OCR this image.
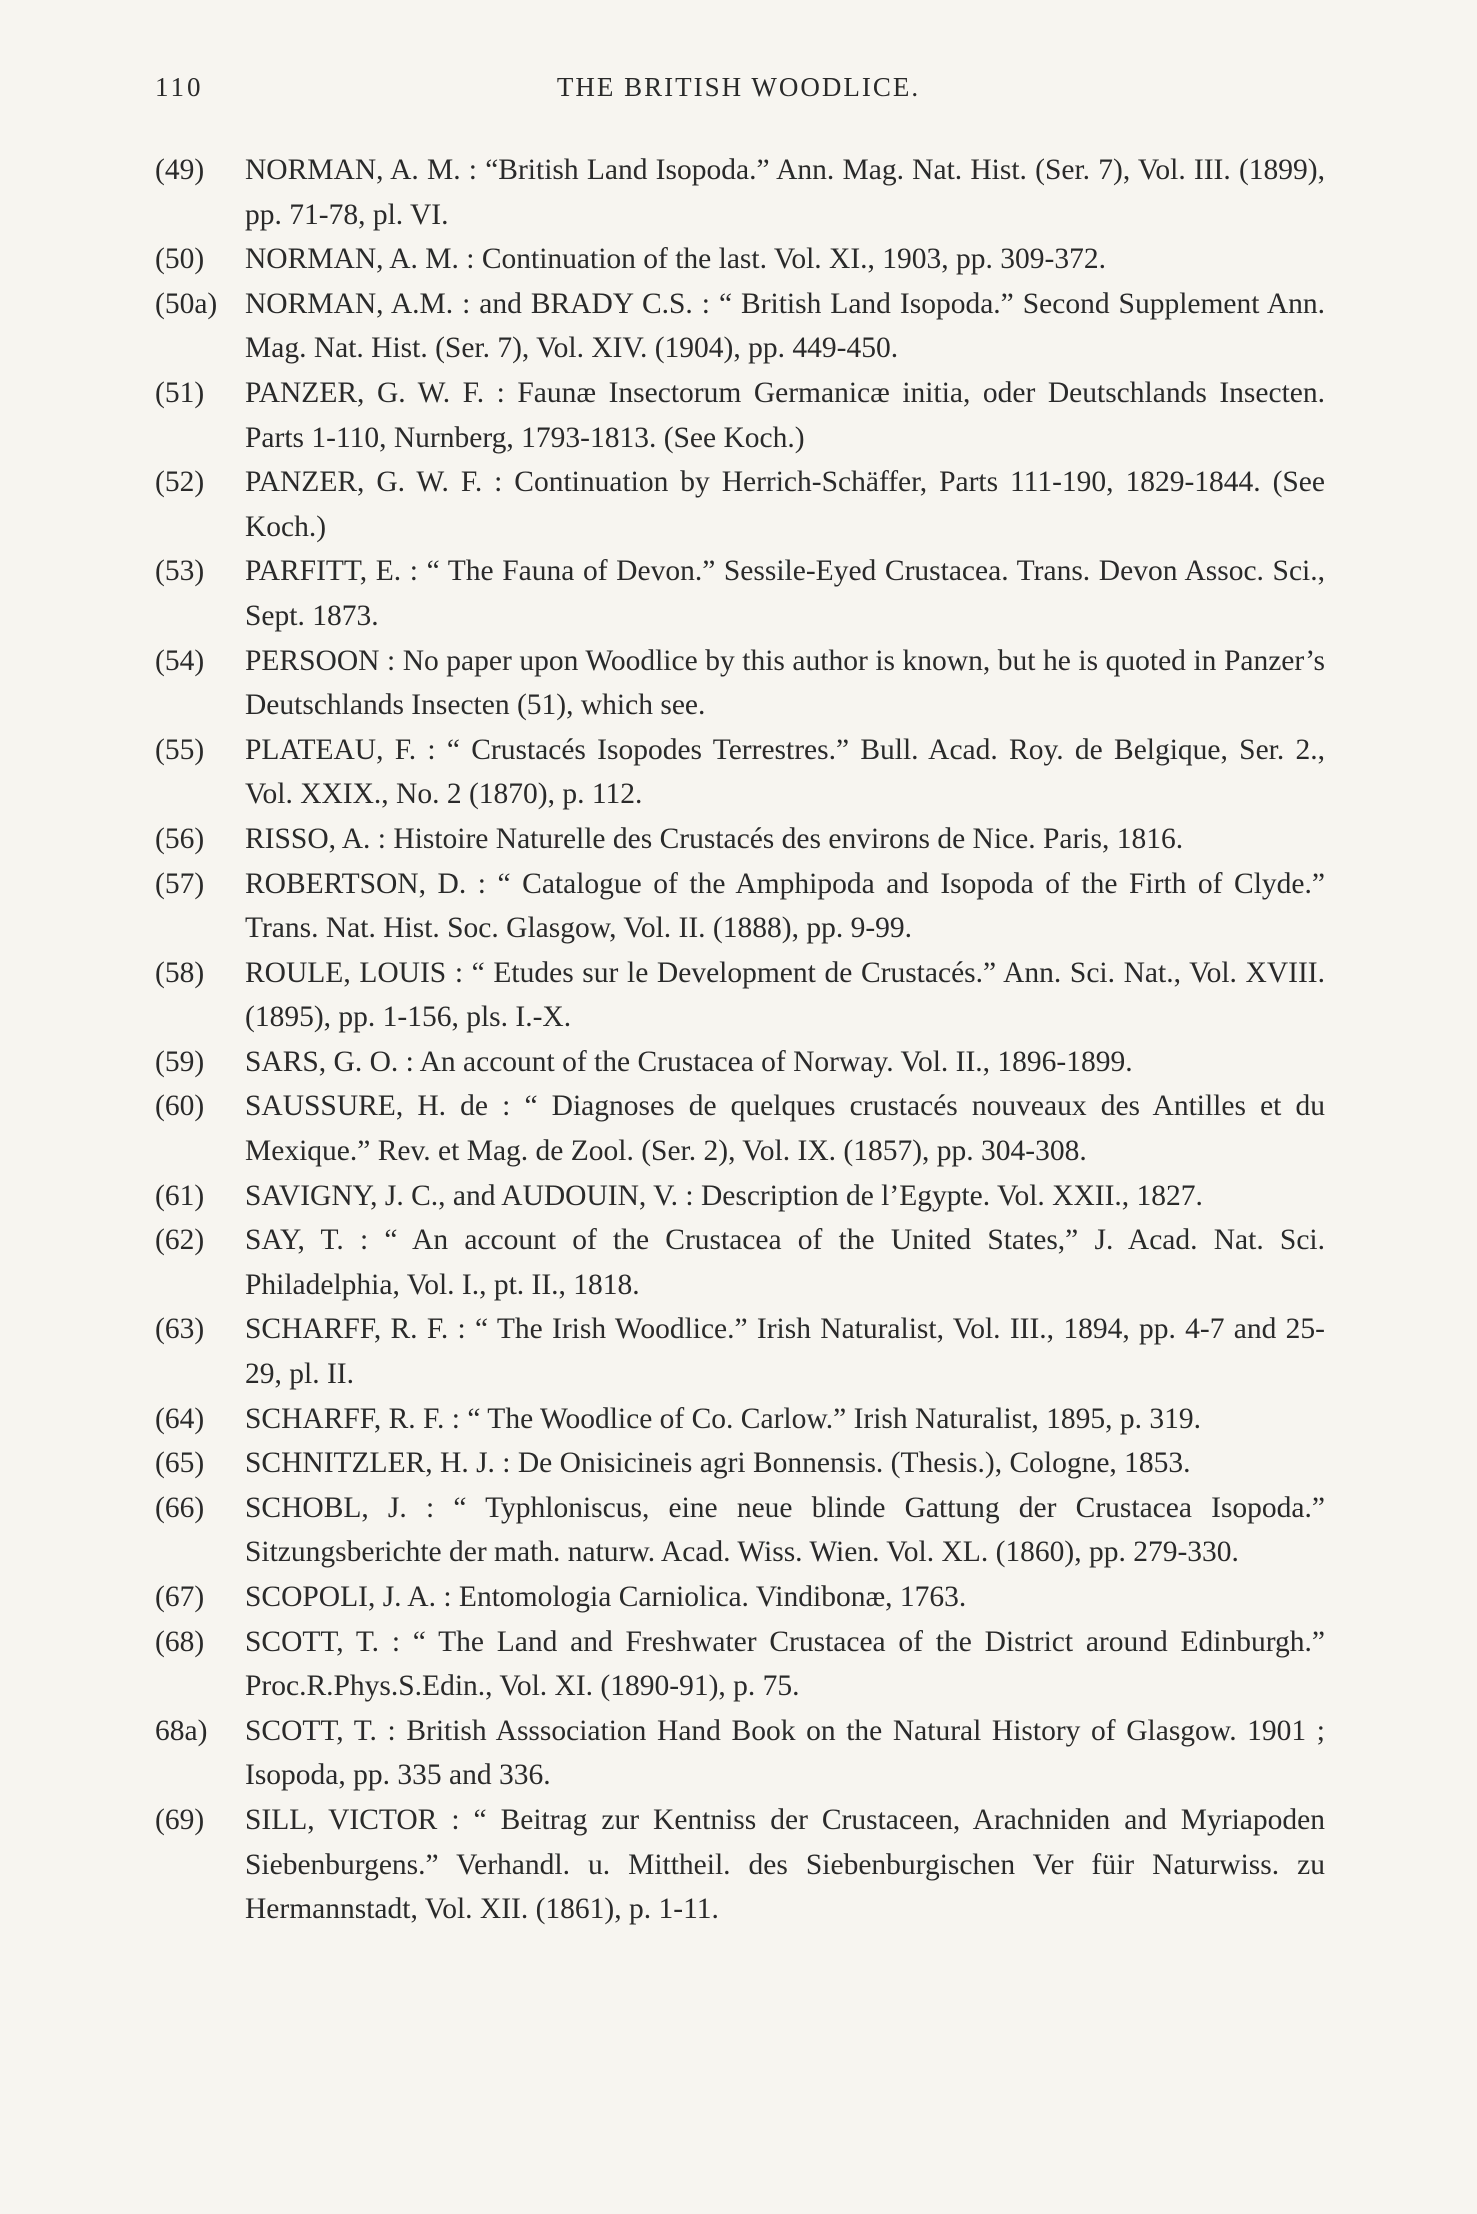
110	THE BRITISH WOODLICE.
(49)	NORMAN, A. M. : “British Land Isopoda.” Ann. Mag. Nat. Hist. (Ser. 7), Vol. III. (1899), pp. 71-78, pl. VI.
(50)	NORMAN, A. M. : Continuation of the last. Vol. XI., 1903, pp. 309-372.
(50a) NORMAN, A.M. : and BRADY C.S. : “ British Land Isopoda.” Second Supplement Ann. Mag. Nat. Hist. (Ser. 7), Vol. XIV. (1904), pp. 449-450.
(51)	PANZER, G. W. F. : Faunæ Insectorum Germanicæ initia, oder Deutschlands Insecten. Parts 1-110, Nurnberg, 1793-1813. (See Koch.)
(52)	PANZER, G. W. F. : Continuation by Herrich-Schäffer, Parts 111-190, 1829-1844. (See Koch.)
(53)	PARFITT, E. : “ The Fauna of Devon.” Sessile-Eyed Crustacea. Trans. Devon Assoc. Sci., Sept. 1873.
(54)	PERSOON : No paper upon Woodlice by this author is known, but he is quoted in Panzer’s Deutschlands Insecten (51), which see.
(55)	PLATEAU, F. : “ Crustacés Isopodes Terrestres.” Bull. Acad. Roy. de Belgique, Ser. 2., Vol. XXIX., No. 2 (1870), p. 112.
(56)	RISSO, A. : Histoire Naturelle des Crustacés des environs de Nice. Paris, 1816.
(57)	ROBERTSON, D. : “ Catalogue of the Amphipoda and Isopoda of the Firth of Clyde.” Trans. Nat. Hist. Soc. Glasgow, Vol. II. (1888), pp. 9-99.
(58)	ROULE, LOUIS : “ Etudes sur le Development de Crustacés.” Ann. Sci. Nat., Vol. XVIII. (1895), pp. 1-156, pls. I.-X.
(59)	SARS, G. O. : An account of the Crustacea of Norway. Vol. II., 1896-1899.
(60)	SAUSSURE, H. de : “ Diagnoses de quelques crustacés nouveaux des Antilles et du Mexique.” Rev. et Mag. de Zool. (Ser. 2), Vol. IX. (1857), pp. 304-308.
(61)	SAVIGNY, J. C., and AUDOUIN, V. : Description de l’Egypte. Vol. XXII., 1827.
(62)	SAY, T. : “ An account of the Crustacea of the United States,” J. Acad. Nat. Sci. Philadelphia, Vol. I., pt. II., 1818.
(63)	SCHARFF, R. F. : “ The Irish Woodlice.” Irish Naturalist, Vol. III., 1894, pp. 4-7 and 25-29, pl. II.
(64)	SCHARFF, R. F. : “ The Woodlice of Co. Carlow.” Irish Naturalist, 1895, p. 319.
(65)	SCHNITZLER, H. J. : De Onisicineis agri Bonnensis. (Thesis.), Cologne, 1853.
(66)	SCHOBL, J. : “ Typhloniscus, eine neue blinde Gattung der Crustacea Isopoda.” Sitzungsberichte der math. naturw. Acad. Wiss. Wien. Vol. XL. (1860), pp. 279-330.
(67)	SCOPOLI, J. A. : Entomologia Carniolica. Vindibonæ, 1763.
(68)	SCOTT, T. : “ The Land and Freshwater Crustacea of the District around Edinburgh.” Proc.R.Phys.S.Edin., Vol. XI. (1890-91), p. 75.
68a)	SCOTT, T. : British Asssociation Hand Book on the Natural History of Glasgow. 1901 ; Isopoda, pp. 335 and 336.
(69)	SILL, VICTOR : “ Beitrag zur Kentniss der Crustaceen, Arachniden and Myriapoden Siebenburgens.” Verhandl. u. Mittheil. des Siebenburgischen Ver füir Naturwiss. zu Hermannstadt, Vol. XII. (1861), p. 1-11.
